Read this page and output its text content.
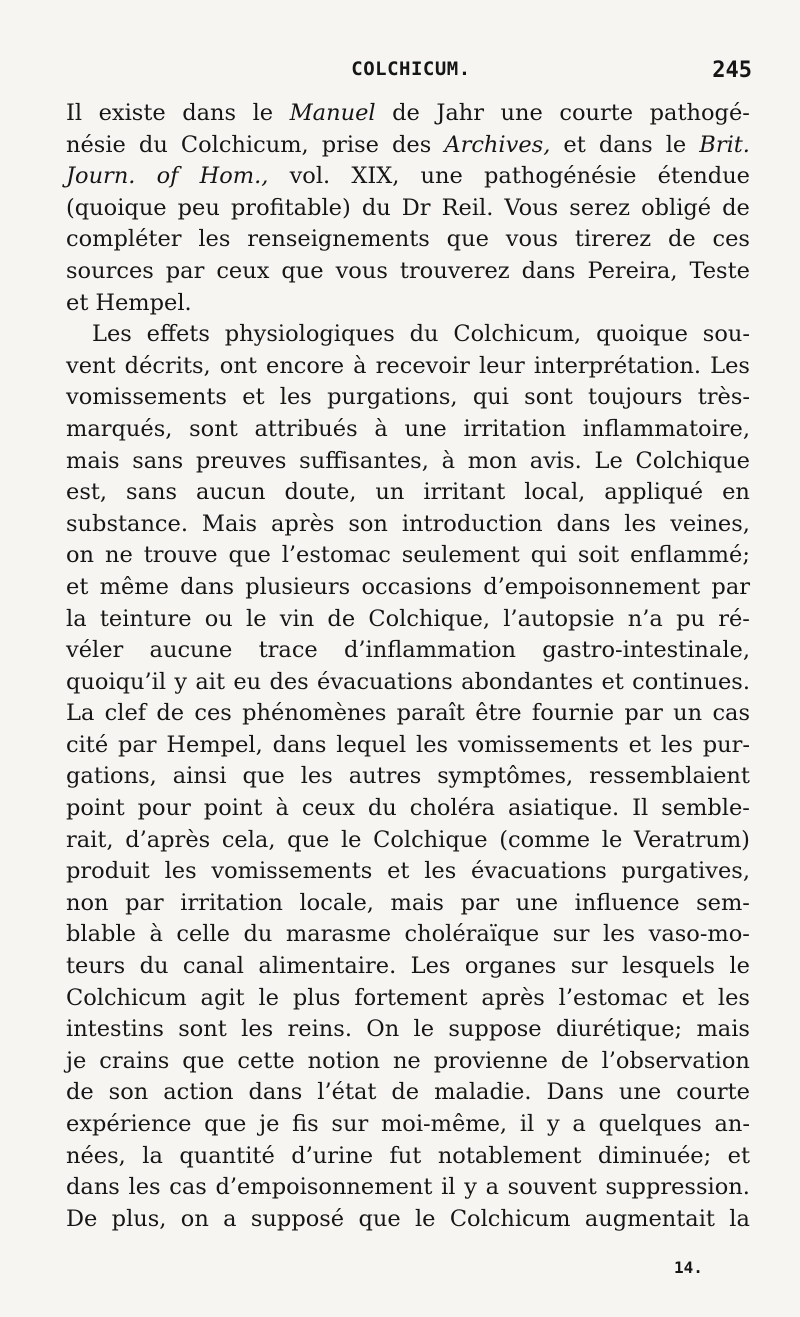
COLCHICUM.	245
Il existe dans le Manuel de Jahr une courte pathogé-
nésie du Colchicum, prise des Archives, et dans le Brit.
Journ. of Hom., vol. XIX, une pathogénésie étendue
(quoique peu profitable) du Dr Reil. Vous serez obligé de
compléter les renseignements que vous tirerez de ces
sources par ceux que vous trouverez dans Pereira, Teste
et Hempel.
Les effets physiologiques du Colchicum, quoique sou-
vent décrits, ont encore à recevoir leur interprétation. Les
vomissements et les purgations, qui sont toujours très-
marqués, sont attribués à une irritation inflammatoire,
mais sans preuves suffisantes, à mon avis. Le Colchique
est, sans aucun doute, un irritant local, appliqué en
substance. Mais après son introduction dans les veines,
on ne trouve que l’estomac seulement qui soit enflammé;
et même dans plusieurs occasions d’empoisonnement par
la teinture ou le vin de Colchique, l’autopsie n’a pu ré-
véler aucune trace d’inflammation gastro-intestinale,
quoiqu’il y ait eu des évacuations abondantes et continues.
La clef de ces phénomènes paraît être fournie par un cas
cité par Hempel, dans lequel les vomissements et les pur-
gations, ainsi que les autres symptômes, ressemblaient
point pour point à ceux du choléra asiatique. Il semble-
rait, d’après cela, que le Colchique (comme le Veratrum)
produit les vomissements et les évacuations purgatives,
non par irritation locale, mais par une influence sem-
blable à celle du marasme cholérаïque sur les vaso-mo-
teurs du canal alimentaire. Les organes sur lesquels le
Colchicum agit le plus fortement après l’estomac et les
intestins sont les reins. On le suppose diurétique; mais
je crains que cette notion ne provienne de l’observation
de son action dans l’état de maladie. Dans une courte
expérience que je fis sur moi-même, il y a quelques an-
nées, la quantité d’urine fut notablement diminuée; et
dans les cas d’empoisonnement il y a souvent suppression.
De plus, on a supposé que le Colchicum augmentait la
14.
